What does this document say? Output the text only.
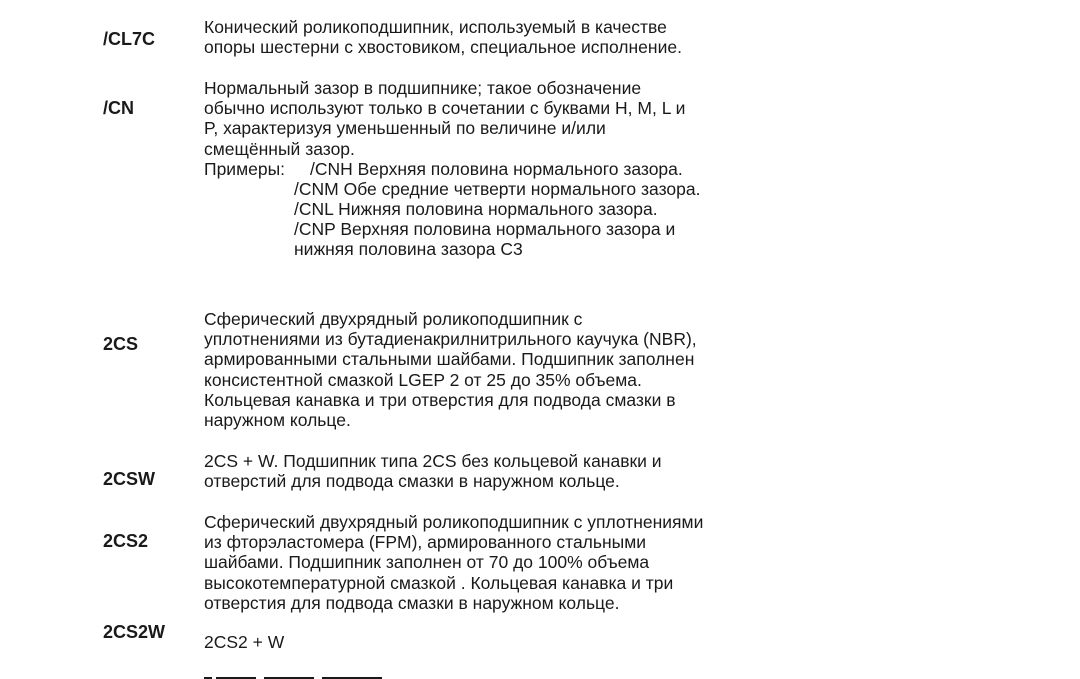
/CL7C
Конический роликоподшипник, используемый в качестве
опоры шестерни с хвостовиком, специальное исполнение.
/CN
Нормальный зазор в подшипнике; такое обозначение
обычно используют только в сочетании с буквами H, M, L и
P, характеризуя уменьшенный по величине и/или
смещённый зазор.
Примеры: /CNH Верхняя половина нормального зазора.
/CNM Обе средние четверти нормального зазора.
/CNL Нижняя половина нормального зазора.
/CNP Верхняя половина нормального зазора и
нижняя половина зазора С3
2CS
Сферический двухрядный роликоподшипник с
уплотнениями из бутадиенакрилнитрильного каучука (NBR),
армированными стальными шайбами. Подшипник заполнен
консистентной смазкой LGEP 2 от 25 до 35% объема.
Кольцевая канавка и три отверстия для подвода смазки в
наружном кольце.
2CSW
2CS + W. Подшипник типа 2CS без кольцевой канавки и
отверстий для подвода смазки в наружном кольце.
2CS2
Сферический двухрядный роликоподшипник с уплотнениями
из фторэластомера (FPM), армированного стальными
шайбами. Подшипник заполнен от 70 до 100% объема
высокотемпературной смазкой . Кольцевая канавка и три
отверстия для подвода смазки в наружном кольце.
2CS2W 2CS2 + W
